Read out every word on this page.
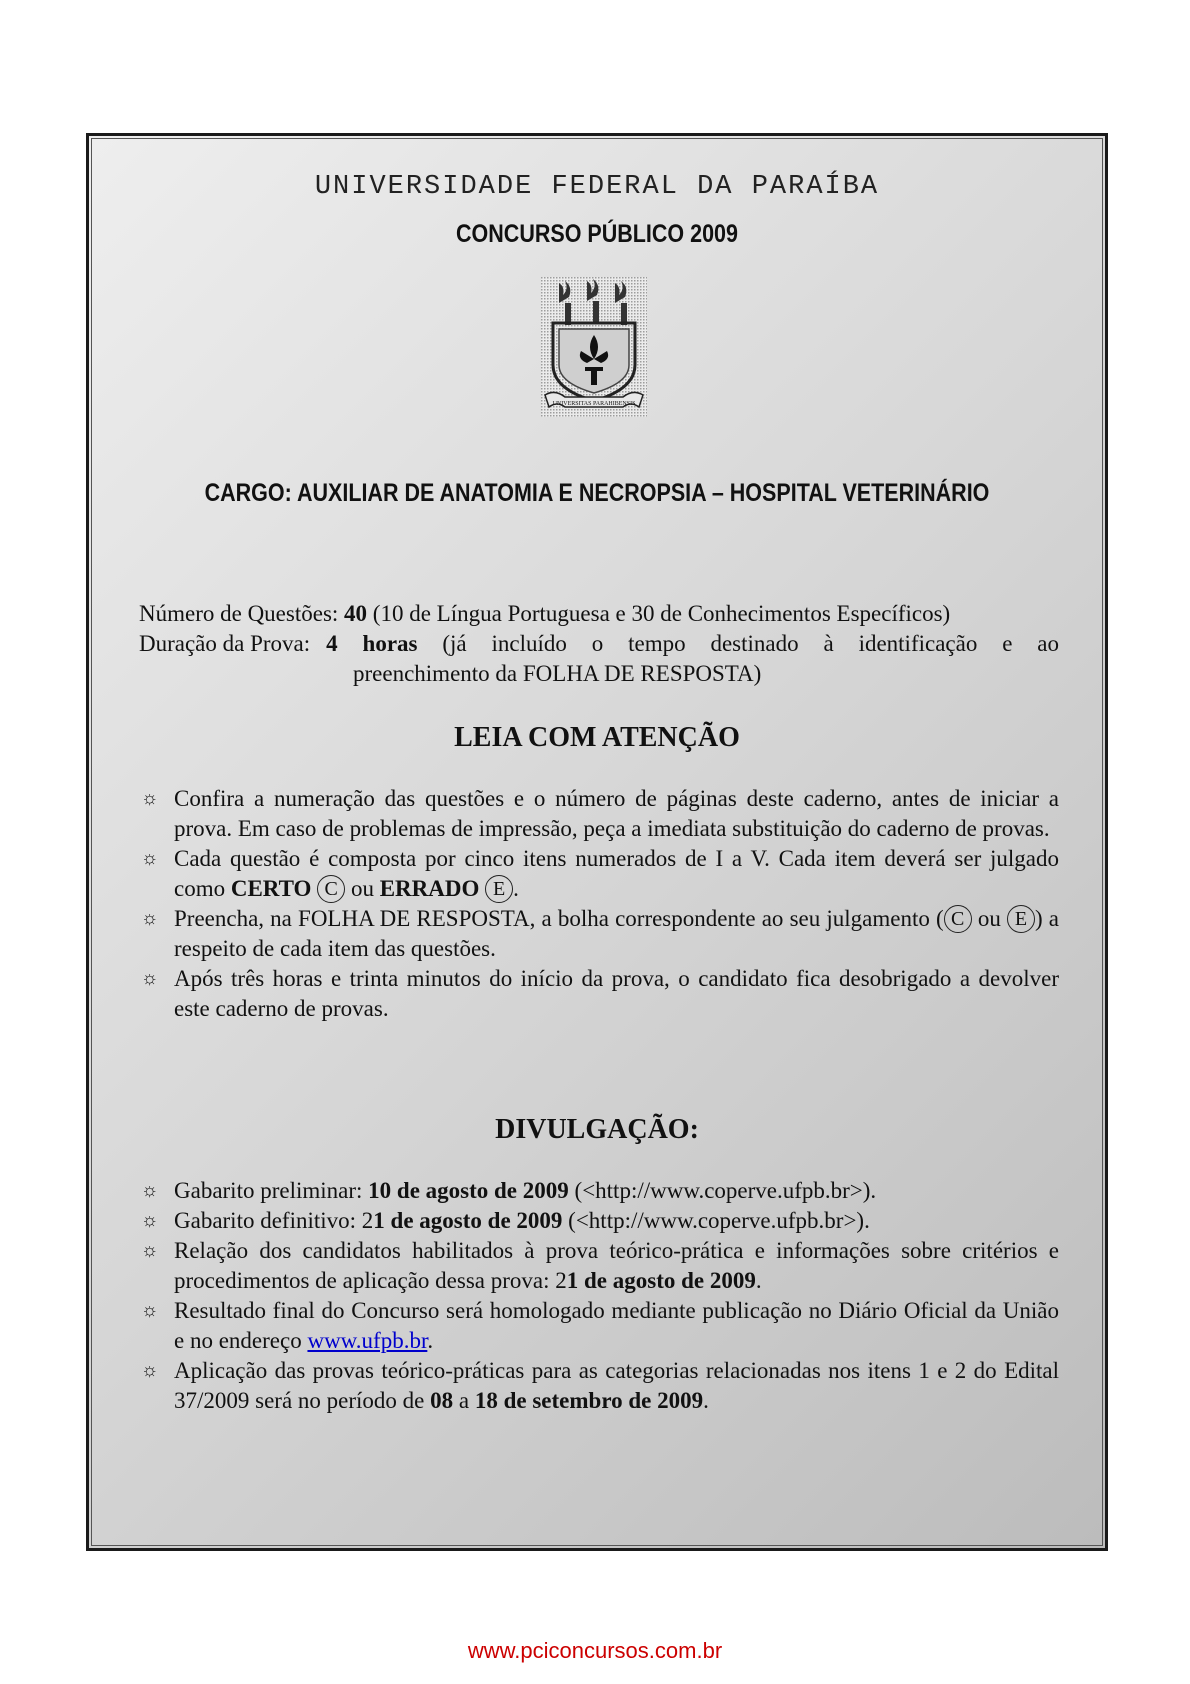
UNIVERSIDADE FEDERAL DA PARAÍBA
CONCURSO PÚBLICO 2009
UNIVERSITAS PARAHIBENSIS
CARGO: AUXILIAR DE ANATOMIA E NECROPSIA – HOSPITAL VETERINÁRIO
Número de Questões: 40 (10 de Língua Portuguesa e 30 de Conhecimentos Específicos)
Duração da Prova: 4 horas (já incluído o tempo destinado à identificação e ao
preenchimento da FOLHA DE RESPOSTA)
LEIA COM ATENÇÃO
☼ Confira a numeração das questões e o número de páginas deste caderno, antes de iniciar a prova. Em caso de problemas de impressão, peça a imediata substituição do caderno de provas.
☼ Cada questão é composta por cinco itens numerados de I a V. Cada item deverá ser julgado como CERTO C ou ERRADO E .
☼ Preencha, na FOLHA DE RESPOSTA, a bolha correspondente ao seu julgamento ( C ou E ) a respeito de cada item das questões.
☼ Após três horas e trinta minutos do início da prova, o candidato fica desobrigado a devolver este caderno de provas.
DIVULGAÇÃO:
☼ Gabarito preliminar: 10 de agosto de 2009 (<http://www.coperve.ufpb.br>).
☼ Gabarito definitivo: 21 de agosto de 2009 (<http://www.coperve.ufpb.br>).
☼ Relação dos candidatos habilitados à prova teórico-prática e informações sobre critérios e procedimentos de aplicação dessa prova: 21 de agosto de 2009.
☼ Resultado final do Concurso será homologado mediante publicação no Diário Oficial da União e no endereço www.ufpb.br.
☼ Aplicação das provas teórico-práticas para as categorias relacionadas nos itens 1 e 2 do Edital 37/2009 será no período de 08 a 18 de setembro de 2009.
www.pciconcursos.com.br
